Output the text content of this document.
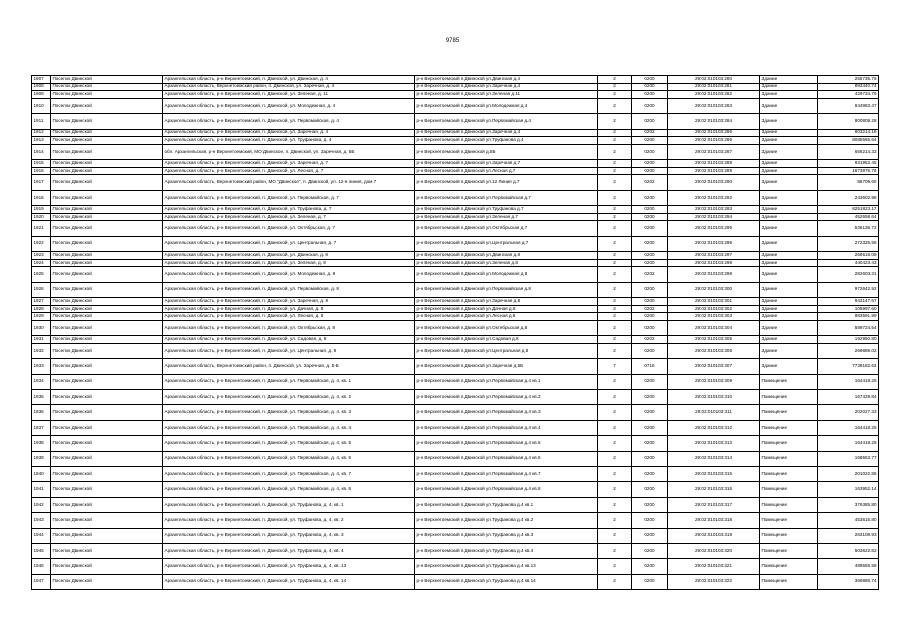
9785
1907	Поселок Двинской	Архангельская область, р-н Верхнетоемский, п. Двинской, ул. Двинская, д. 4	р-н Верхнетоемский п.Двинской ул.Двинская д.4	2	0200	29:02:010103:280	Здание	255735.78
1908	Поселок Двинской	Архангельская область, Верхнетоемский район, п. Двинской, ул. Заречная, д. 4	р-н Верхнетоемский п.Двинской ул.Заречная д.4	2	0200	29:02:010103:281	Здание	893440.74
1909	Поселок Двинской	Архангельская область, р-н Верхнетоемский, п. Двинской, ул. Зеленая, д. 11	р-н Верхнетоемский п.Двинской ул.Зеленая д.11	2	0200	29:02:010103:282	Здание	429734.76
1910	Поселок Двинской	Архангельская область, р-н Верхнетоемский, п. Двинской, ул. Молодежная, д. 4	р-н Верхнетоемский п.Двинской ул.Молодежная д.4	2	0200	29:02:010103:283	Здание	844983.47
1911	Поселок Двинской	Архангельская область, р-н Верхнетоемский, п. Двинской, ул. Первомайская, д. 4	р-н Верхнетоемский п.Двинской ул.Первомайская д.4	2	0200	29:02:010103:284	Здание	800809.28
1912	Поселок Двинской	Архангельская область, р-н Верхнетоемский, п. Двинской, ул. Заречная, д. 4	р-н Верхнетоемский п.Двинской ул.Заречная д.4	2	0202	29:02:010103:286	Здание	603214.18
1913	Поселок Двинской	Архангельская область, р-н Верхнетоемский, п. Двинской, ул. Труфанова, д. 4	р-н Верхнетоемский п.Двинской ул.Труфанова д.4	2	0200	29:02:010103:286	Здание	8085565.64
1914	Поселок Двинской	обл. Архангельская, р-н Верхнетоемский, МО Двинское, п. Двинской, ул. Заречная, д. 5Б	р-н Верхнетоемский п.Двинской д.5Б	2	0200	29:02:010103:287	Здание	656214.33
1915	Поселок Двинской	Архангельская область, р-н Верхнетоемский, п. Двинской, ул. Заречная, д. 7	р-н Верхнетоемский п.Двинской ул.Заречная д.7	2	0200	29:02:010103:288	Здание	931952.45
1916	Поселок Двинской	Архангельская область, р-н Верхнетоемский, п. Двинской, ул. Лесная, д. 7	р-н Верхнетоемский п.Двинской ул.Лесная д.7	2	0200	29:02:010103:289	Здание	1673975.76
1917	Поселок Двинской	Архангельская область, Верхнетоемский район, МО "Двинское", п. Двинской, ул. 12-я линия, дом 7	р-н Верхнетоемский п.Двинской ул.12 Линия д.7	2	0202	29:02:010103:290	Здание	86709.60
1918	Поселок Двинской	Архангельская область, р-н Верхнетоемский, п. Двинской, ул. Первомайская, д. 7	р-н Верхнетоемский п.Двинской ул.Первомайская д.7	2	0200	29:02:010103:292	Здание	243602.98
1919	Поселок Двинской	Архангельская область, р-н Верхнетоемский, п. Двинской, ул. Труфанова, д. 7	р-н Верхнетоемский п.Двинской ул.Труфанова д.7	2	0200	29:02:010103:293	Здание	8251823.17
1920	Поселок Двинской	Архангельская область, р-н Верхнетоемский, п. Двинской, ул. Зеленая, д. 7	р-н Верхнетоемский п.Двинской ул.Зеленая д.7	2	0200	29:02:010103:294	Здание	452658.64
1921	Поселок Двинской	Архангельская область, р-н Верхнетоемский, п. Двинской, ул. Октябрьская, д. 7	р-н Верхнетоемский п.Двинской ул.Октябрьская д.7	2	0200	29:02:010103:295	Здание	536136.72
1922	Поселок Двинской	Архангельская область, р-н Верхнетоемский, п. Двинской, ул. Центральная, д. 7	р-н Верхнетоемский п.Двинской ул.Центральная д.7	2	0200	29:02:010103:296	Здание	272325.56
1923	Поселок Двинской	Архангельская область, р-н Верхнетоемский, п. Двинской, ул. Двинская, д. 8	р-н Верхнетоемский п.Двинской ул.Двинская д.8	2	0200	29:02:010103:297	Здание	269518.08
1924	Поселок Двинской	Архангельская область, р-н Верхнетоемский, п. Двинской, ул. Зеленая, д. 8	р-н Верхнетоемский п.Двинской ул.Зеленая д.8	2	0200	29:02:010103:298	Здание	440423.43
1925	Поселок Двинской	Архангельская область, р-н Верхнетоемский, п. Двинской, ул. Молодежная, д. 8	р-н Верхнетоемский п.Двинской ул.Молодежная д.8	2	0202	29:02:010103:299	Здание	282603.31
1926	Поселок Двинской	Архангельская область, р-н Верхнетоемский, п. Двинской, ул. Первомайская, д. 8	р-н Верхнетоемский п.Двинской ул.Первомайская д.8	2	0200	29:02:010103:300	Здание	972642.92
1927	Поселок Двинской	Архангельская область, р-н Верхнетоемский, п. Двинской, ул. Заречная, д. 8	р-н Верхнетоемский п.Двинской ул.Заречная д.8	2	0200	29:02:010103:301	Здание	943147.67
1928	Поселок Двинской	Архангельская область, р-н Верхнетоемский, п. Двинской, ул. Дачная, д. 8	р-н Верхнетоемский п.Двинской ул.Дачная д.8	2	0202	29:02:010103:302	Здание	105997.60
1929	Поселок Двинской	Архангельская область, р-н Верхнетоемский, п. Двинской, ул. Лесная, д. 8	р-н Верхнетоемский п.Двинской ул.Лесная д.8	2	0200	29:02:010103:303	Здание	983591.99
1930	Поселок Двинской	Архангельская область, р-н Верхнетоемский, п. Двинской, ул. Октябрьская, д. 8	р-н Верхнетоемский п.Двинской ул.Октябрьская д.8	2	0200	29:02:010103:304	Здание	589724.54
1931	Поселок Двинской	Архангельская область, р-н Верхнетоемский, п. Двинской, ул. Садовая, д. 8	р-н Верхнетоемский п.Двинской ул.Садовая д.8	2	0202	29:02:010103:305	Здание	192950.80
1932	Поселок Двинской	Архангельская область, р-н Верхнетоемский, п. Двинской, ул. Центральная, д. 8	р-н Верхнетоемский п.Двинской ул.Центральная д.8	2	0200	29:02:010103:306	Здание	269889.02
1933	Поселок Двинской	Архангельская область, Верхнетоемский район, п. Двинской, ул. Заречная, д. 5-Б	р-н Верхнетоемский п.Двинской ул.Заречная д.5Б	7	0716	29:02:010103:307	Здание	7739182.63
1934	Поселок Двинской	Архангельская область, р-н Верхнетоемский, п. Двинской, ул. Первомайская, д. 4, кв. 1	р-н Верхнетоемский п.Двинской ул.Первомайская д.4 кв.1	2	0200	29:02:010103:309	Помещение	164418.25
1935	Поселок Двинской	Архангельская область, р-н Верхнетоемский, п. Двинской, ул. Первомайская, д. 4, кв. 2	р-н Верхнетоемский п.Двинской ул.Первомайская д.4 кв.2	2	0200	29:02:010103:310	Помещение	167429.84
1936	Поселок Двинской	Архангельская область, р-н Верхнетоемский, п. Двинской, ул. Первомайская, д. 4, кв. 3	р-н Верхнетоемский п.Двинской ул.Первомайская д.4 кв.3	2	0200	29:02:010103:311	Помещение	202027.33
1937	Поселок Двинской	Архангельская область, р-н Верхнетоемский, п. Двинской, ул. Первомайская, д. 4, кв. 4	р-н Верхнетоемский п.Двинской ул.Первомайская д.4 кв.4	2	0200	29:02:010103:312	Помещение	164418.25
1938	Поселок Двинской	Архангельская область, р-н Верхнетоемский, п. Двинской, ул. Первомайская, д. 4, кв. 5	р-н Верхнетоемский п.Двинской ул.Первомайская д.4 кв.5	2	0200	29:02:010103:313	Помещение	164418.25
1939	Поселок Двинской	Архангельская область, р-н Верхнетоемский, п. Двинской, ул. Первомайская, д. 4, кв. 6	р-н Верхнетоемский п.Двинской ул.Первомайская д.4 кв.6	2	0200	29:02:010103:314	Помещение	168553.77
1940	Поселок Двинской	Архангельская область, р-н Верхнетоемский, п. Двинской, ул. Первомайская, д. 4, кв. 7	р-н Верхнетоемский п.Двинской ул.Первомайская д.4 кв.7	2	0200	29:02:010103:315	Помещение	201022.85
1941	Поселок Двинской	Архангельская область, р-н Верхнетоемский, п. Двинской, ул. Первомайская, д. 4, кв. 8	р-н Верхнетоемский п.Двинской ул.Первомайская д.4 кв.8	2	0200	29:02:010103:316	Помещение	163952.14
1942	Поселок Двинской	Архангельская область, р-н Верхнетоемский, п. Двинской, ул. Труфанова, д. 4, кв. 1	р-н Верхнетоемский п.Двинской ул.Труфанова д.4 кв.1	2	0200	29:02:010103:317	Помещение	376385.80
1943	Поселок Двинской	Архангельская область, р-н Верхнетоемский, п. Двинской, ул. Труфанова, д. 4, кв. 2	р-н Верхнетоемский п.Двинской ул.Труфанова д.4 кв.2	2	0200	29:02:010103:318	Помещение	453615.80
1944	Поселок Двинской	Архангельская область, р-н Верхнетоемский, п. Двинской, ул. Труфанова, д. 4, кв. 3	р-н Верхнетоемский п.Двинской ул.Труфанова д.4 кв.3	2	0200	29:02:010103:319	Помещение	283108.93
1945	Поселок Двинской	Архангельская область, р-н Верхнетоемский, п. Двинской, ул. Труфанова, д. 4, кв. 4	р-н Верхнетоемский п.Двинской ул.Труфанова д.4 кв.4	2	0200	29:02:010103:320	Помещение	503622.82
1946	Поселок Двинской	Архангельская область, р-н Верхнетоемский, п. Двинской, ул. Труфанова, д. 4, кв. 13	р-н Верхнетоемский п.Двинской ул.Труфанова д.4 кв.13	2	0200	29:02:010103:321	Помещение	489555.58
1947	Поселок Двинской	Архангельская область, р-н Верхнетоемский, п. Двинской, ул. Труфанова, д. 4, кв. 14	р-н Верхнетоемский п.Двинской ул.Труфанова д.4 кв.14	2	0200	29:02:010103:322	Помещение	369886.74
